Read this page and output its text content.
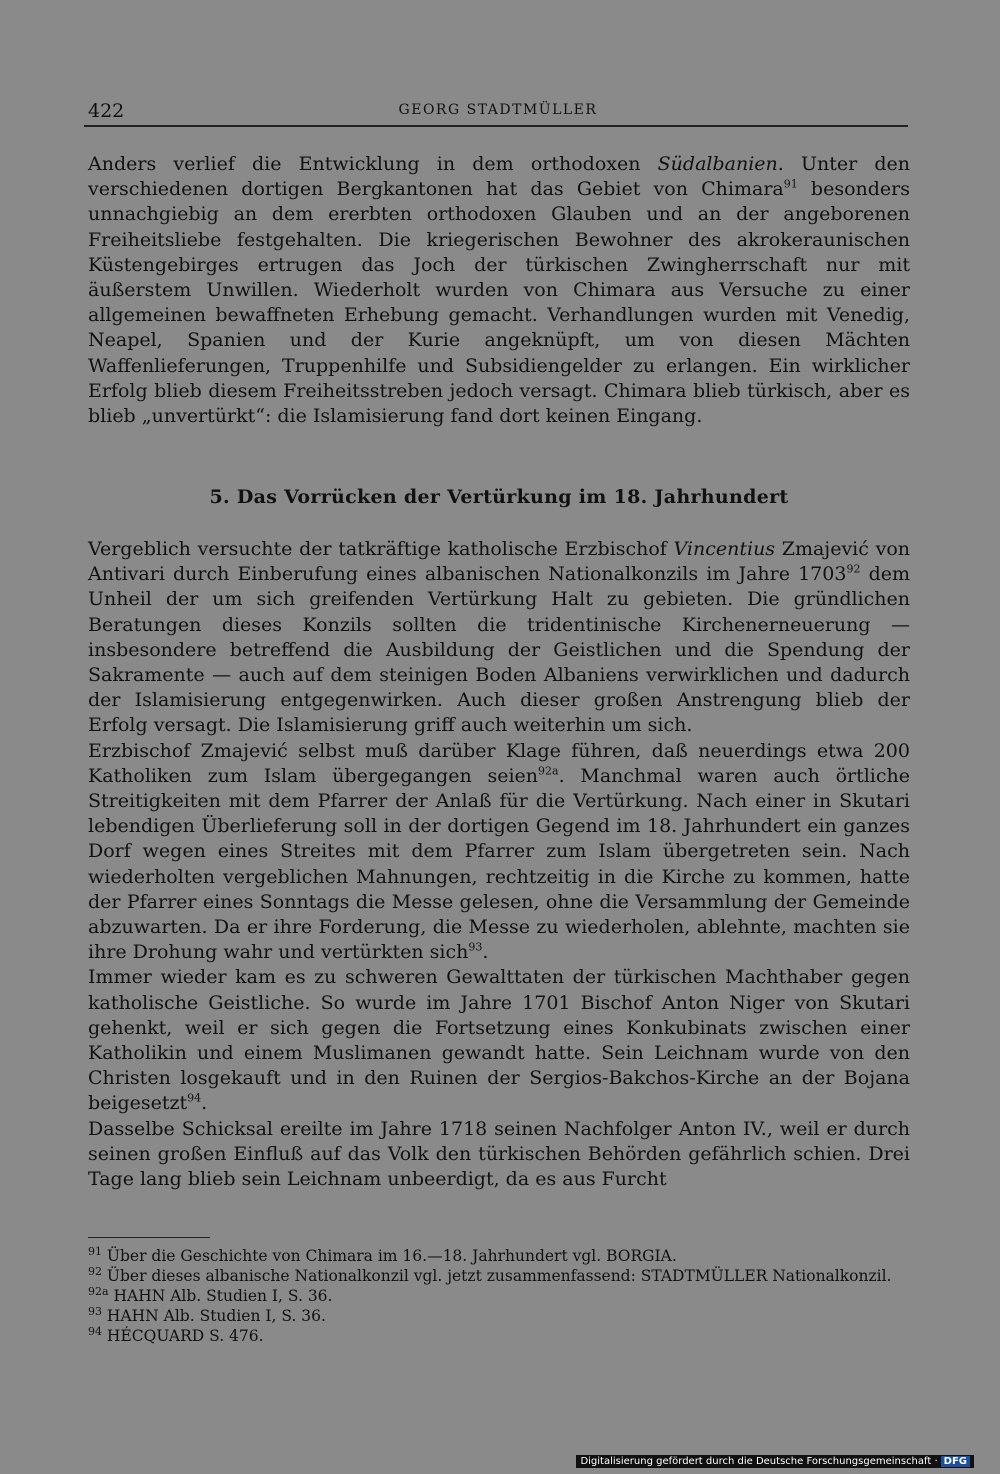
422	GEORG STADTMÜLLER

Anders verlief die Entwicklung in dem orthodoxen Südalbanien. Unter den verschiedenen dortigen Bergkantonen hat das Gebiet von Chimara$^{91}$ besonders unnachgiebig an dem ererbten orthodoxen Glauben und an der angeborenen Freiheitsliebe festgehalten. Die kriegerischen Bewohner des akrokeraunischen Küstengebirges ertrugen das Joch der türkischen Zwingherrschaft nur mit äußerstem Unwillen. Wiederholt wurden von Chimara aus Versuche zu einer allgemeinen bewaffneten Erhebung gemacht. Verhandlungen wurden mit Venedig, Neapel, Spanien und der Kurie angeknüpft, um von diesen Mächten Waffenlieferungen, Truppenhilfe und Subsidiengelder zu erlangen. Ein wirklicher Erfolg blieb diesem Freiheitsstreben jedoch versagt. Chimara blieb türkisch, aber es blieb „unvertürkt“: die Islamisierung fand dort keinen Eingang.

5. Das Vorrücken der Vertürkung im 18. Jahrhundert

Vergeblich versuchte der tatkräftige katholische Erzbischof Vincentius Zmajević von Antivari durch Einberufung eines albanischen Nationalkonzils im Jahre 1703$^{92}$ dem Unheil der um sich greifenden Vertürkung Halt zu gebieten. Die gründlichen Beratungen dieses Konzils sollten die tridentinische Kirchenerneuerung — insbesondere betreffend die Ausbildung der Geistlichen und die Spendung der Sakramente — auch auf dem steinigen Boden Albaniens verwirklichen und dadurch der Islamisierung entgegenwirken. Auch dieser großen Anstrengung blieb der Erfolg versagt. Die Islamisierung griff auch weiterhin um sich.

Erzbischof Zmajević selbst muß darüber Klage führen, daß neuerdings etwa 200 Katholiken zum Islam übergegangen seien$^{92a}$. Manchmal waren auch örtliche Streitigkeiten mit dem Pfarrer der Anlaß für die Vertürkung. Nach einer in Skutari lebendigen Überlieferung soll in der dortigen Gegend im 18. Jahrhundert ein ganzes Dorf wegen eines Streites mit dem Pfarrer zum Islam übergetreten sein. Nach wiederholten vergeblichen Mahnungen, rechtzeitig in die Kirche zu kommen, hatte der Pfarrer eines Sonntags die Messe gelesen, ohne die Versammlung der Gemeinde abzuwarten. Da er ihre Forderung, die Messe zu wiederholen, ablehnte, machten sie ihre Drohung wahr und vertürkten sich$^{93}$.

Immer wieder kam es zu schweren Gewalttaten der türkischen Machthaber gegen katholische Geistliche. So wurde im Jahre 1701 Bischof Anton Niger von Skutari gehenkt, weil er sich gegen die Fortsetzung eines Konkubinats zwischen einer Katholikin und einem Muslimanen gewandt hatte. Sein Leichnam wurde von den Christen losgekauft und in den Ruinen der Sergios-Bakchos-Kirche an der Bojana beigesetzt$^{94}$.

Dasselbe Schicksal ereilte im Jahre 1718 seinen Nachfolger Anton IV., weil er durch seinen großen Einfluß auf das Volk den türkischen Behörden gefährlich schien. Drei Tage lang blieb sein Leichnam unbeerdigt, da es aus Furcht

$^{91}$ Über die Geschichte von Chimara im 16.—18. Jahrhundert vgl. BORGIA.
$^{92}$ Über dieses albanische Nationalkonzil vgl. jetzt zusammenfassend: STADTMÜLLER Nationalkonzil.
$^{92a}$ HAHN Alb. Studien I, S. 36.
$^{93}$ HAHN Alb. Studien I, S. 36.
$^{94}$ HÉCQUARD S. 476.
Digitalisierung gefördert durch die Deutsche Forschungsgemeinschaft · DFG
